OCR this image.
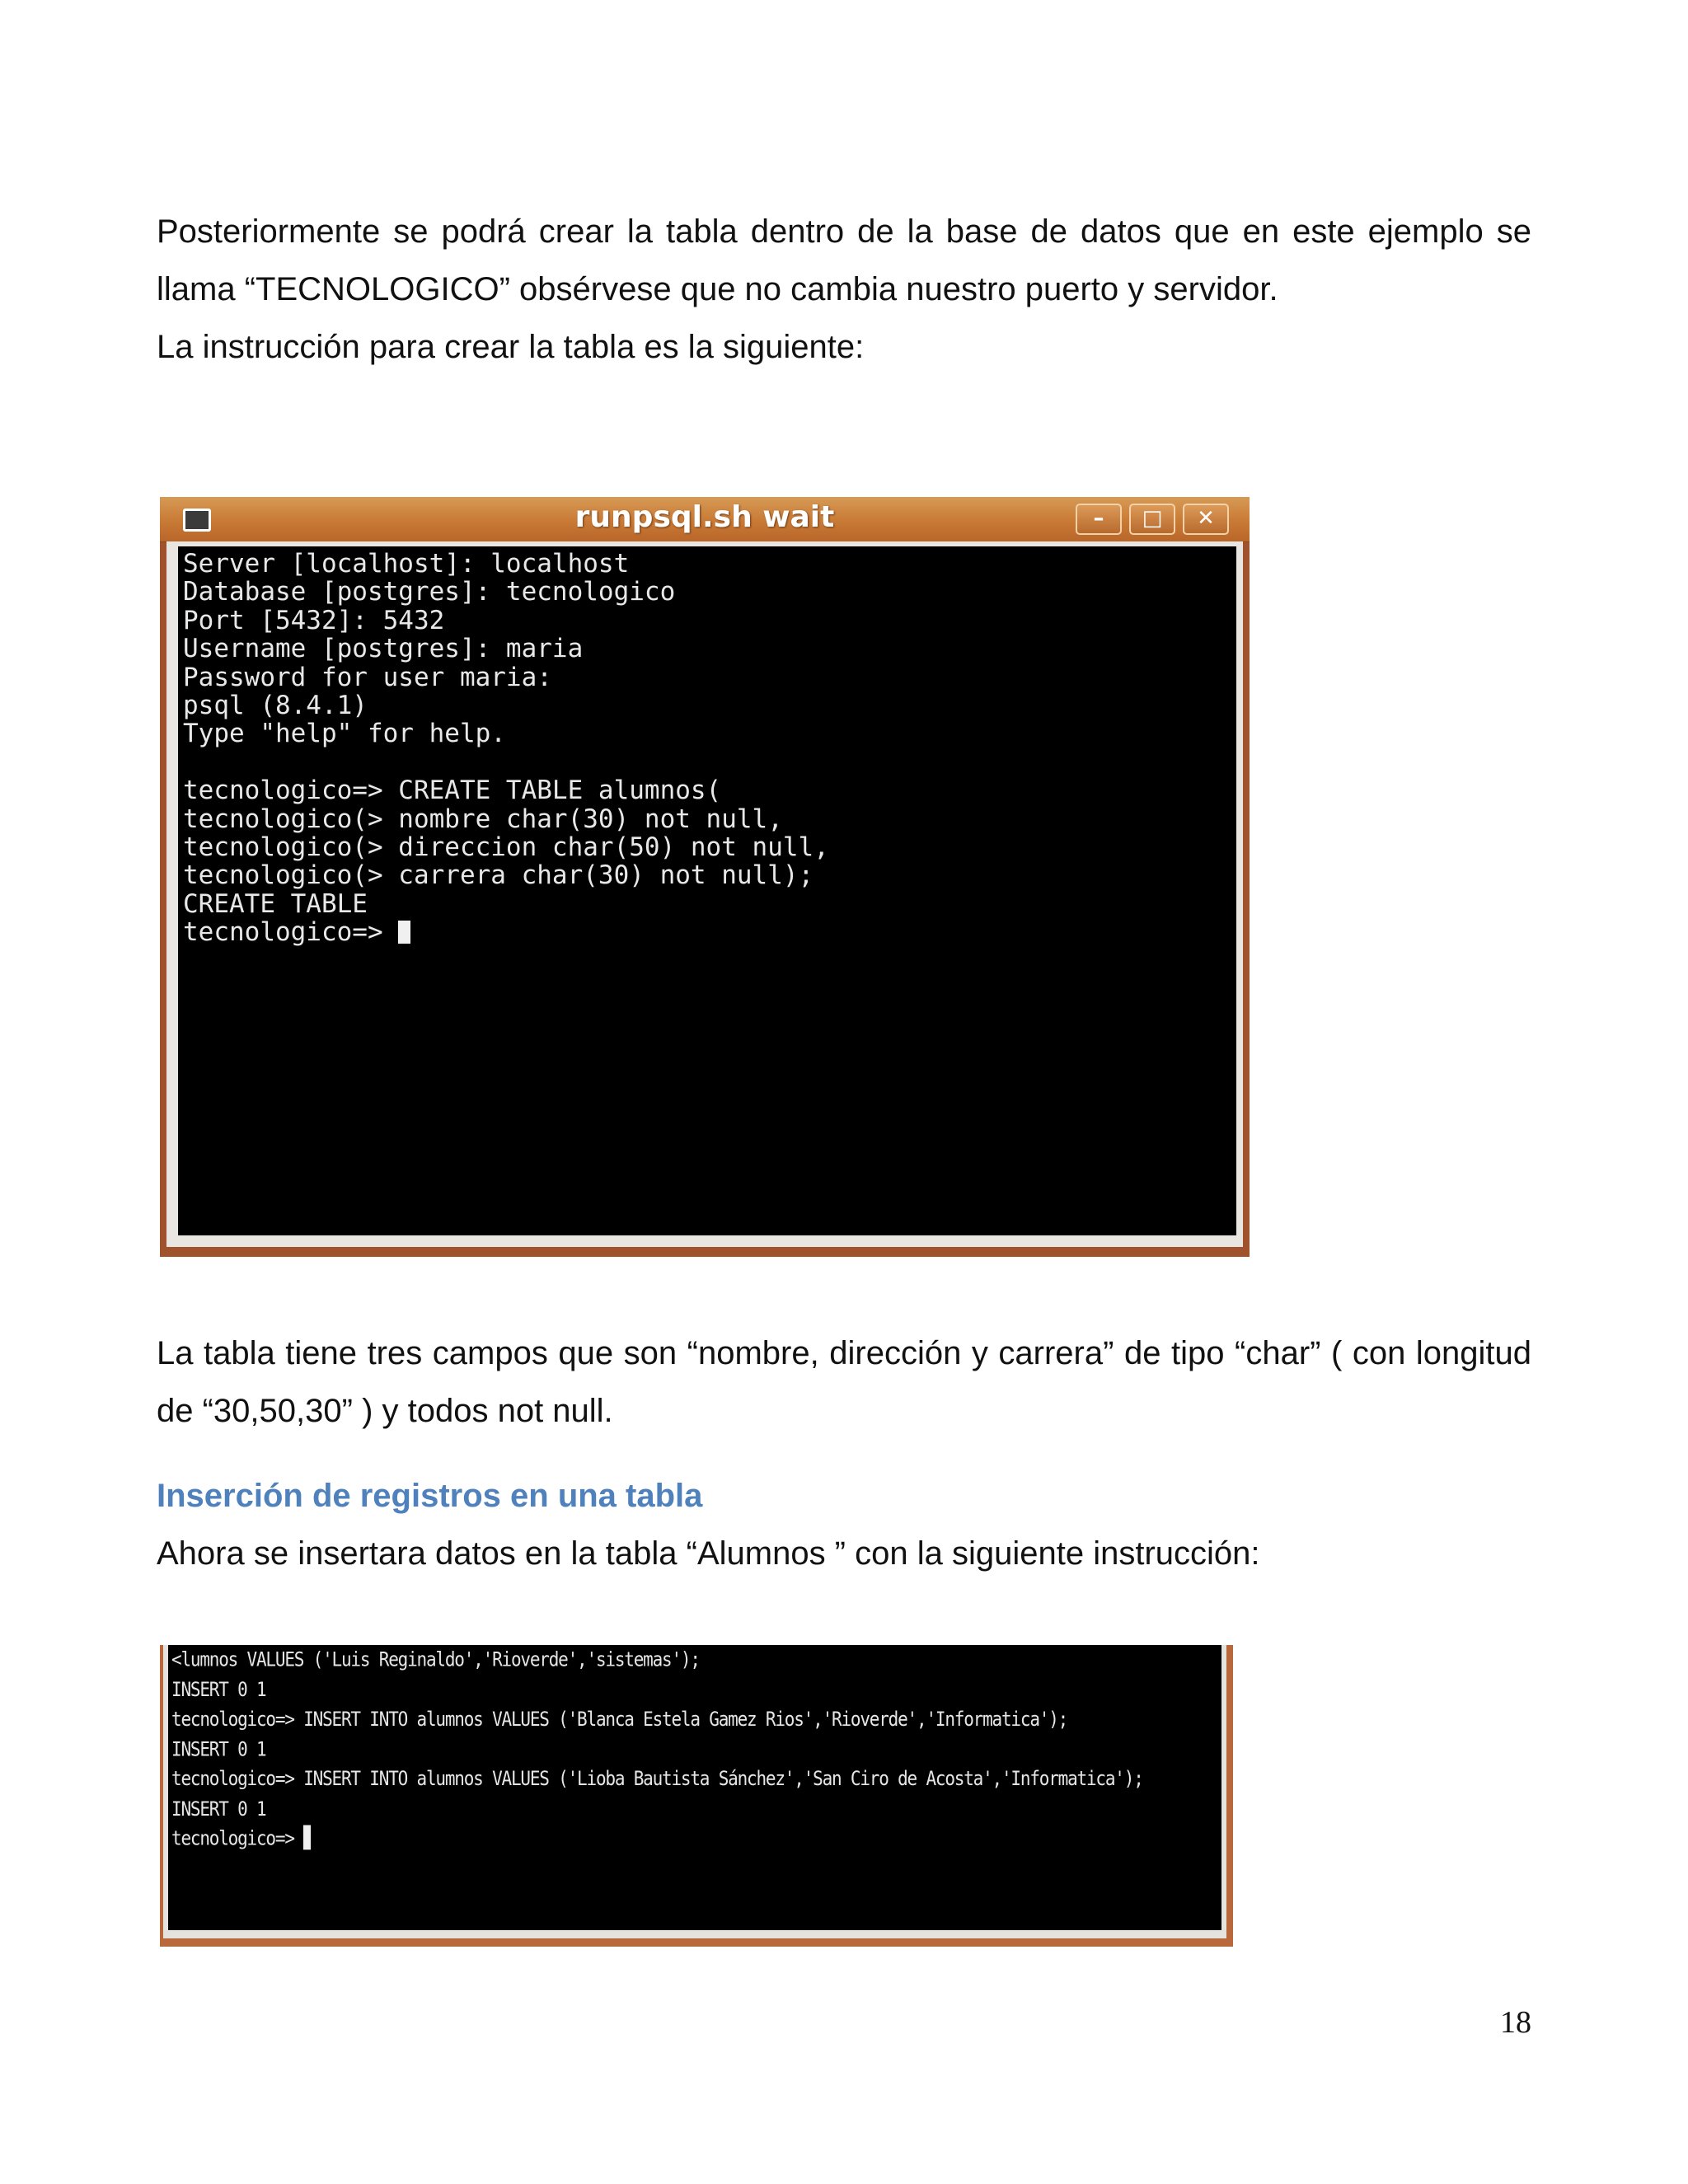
Posteriormente se podrá crear la tabla dentro de la base de datos que en este ejemplo se
llama “TECNOLOGICO” obsérvese que no cambia nuestro puerto y servidor.
La instrucción para crear la tabla es la siguiente:
runpsql.sh wait	–	□	✕
Server [localhost]: localhost
Database [postgres]: tecnologico
Port [5432]: 5432
Username [postgres]: maria
Password for user maria:
psql (8.4.1)
Type "help" for help.

tecnologico=> CREATE TABLE alumnos(
tecnologico(> nombre char(30) not null,
tecnologico(> direccion char(50) not null,
tecnologico(> carrera char(30) not null);
CREATE TABLE
tecnologico=>
La tabla tiene tres campos que son “nombre, dirección y carrera” de tipo “char” ( con longitud
de “30,50,30” ) y todos not null.
Inserción de registros en una tabla
Ahora se insertara datos en la tabla “Alumnos ” con la siguiente instrucción:
<lumnos VALUES ('Luis Reginaldo','Rioverde','sistemas');
INSERT 0 1
tecnologico=> INSERT INTO alumnos VALUES ('Blanca Estela Gamez Rios','Rioverde','Informatica');
INSERT 0 1
tecnologico=> INSERT INTO alumnos VALUES ('Lioba Bautista Sánchez','San Ciro de Acosta','Informatica');
INSERT 0 1
tecnologico=>
18
